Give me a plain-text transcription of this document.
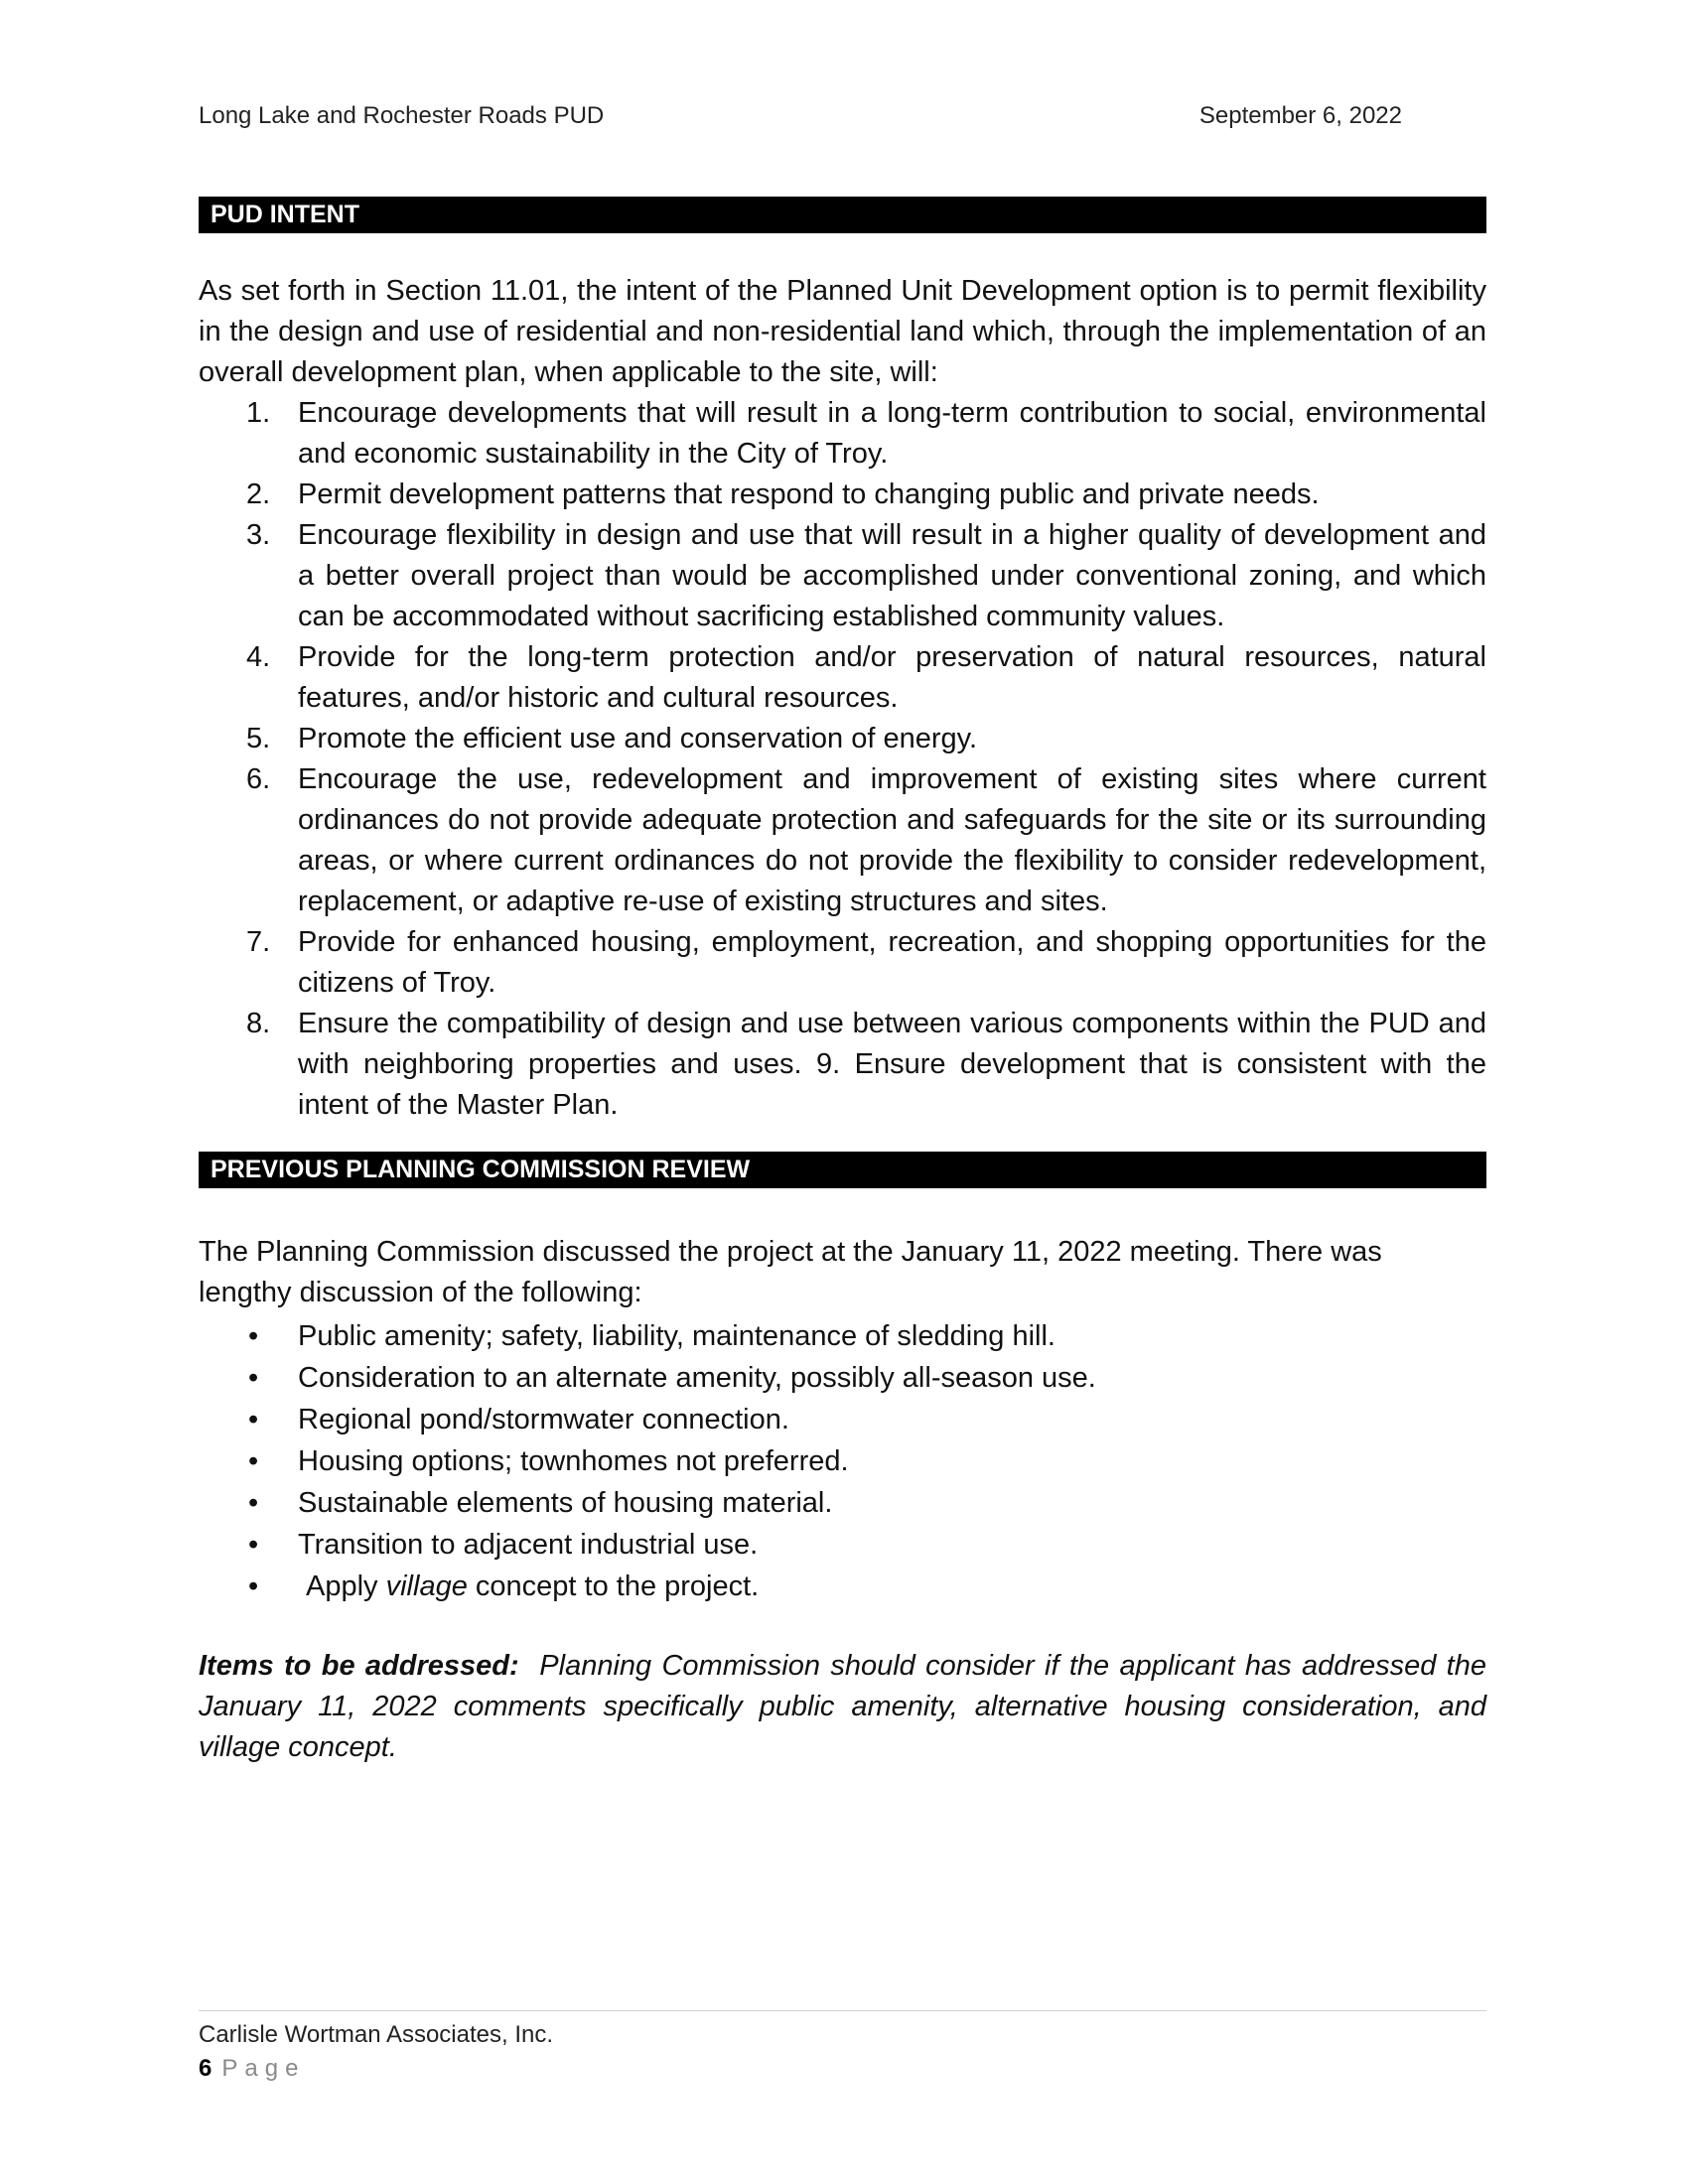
Long Lake and Rochester Roads PUD	September 6, 2022
PUD INTENT
As set forth in Section 11.01, the intent of the Planned Unit Development option is to permit flexibility in the design and use of residential and non-residential land which, through the implementation of an overall development plan, when applicable to the site, will:
1. Encourage developments that will result in a long-term contribution to social, environmental and economic sustainability in the City of Troy.
2. Permit development patterns that respond to changing public and private needs.
3. Encourage flexibility in design and use that will result in a higher quality of development and a better overall project than would be accomplished under conventional zoning, and which can be accommodated without sacrificing established community values.
4. Provide for the long-term protection and/or preservation of natural resources, natural features, and/or historic and cultural resources.
5. Promote the efficient use and conservation of energy.
6. Encourage the use, redevelopment and improvement of existing sites where current ordinances do not provide adequate protection and safeguards for the site or its surrounding areas, or where current ordinances do not provide the flexibility to consider redevelopment, replacement, or adaptive re-use of existing structures and sites.
7. Provide for enhanced housing, employment, recreation, and shopping opportunities for the citizens of Troy.
8. Ensure the compatibility of design and use between various components within the PUD and with neighboring properties and uses. 9. Ensure development that is consistent with the intent of the Master Plan.
PREVIOUS PLANNING COMMISSION REVIEW
The Planning Commission discussed the project at the January 11, 2022 meeting. There was lengthy discussion of the following:
• Public amenity; safety, liability, maintenance of sledding hill.
• Consideration to an alternate amenity, possibly all-season use.
• Regional pond/stormwater connection.
• Housing options; townhomes not preferred.
• Sustainable elements of housing material.
• Transition to adjacent industrial use.
• Apply village concept to the project.
Items to be addressed: Planning Commission should consider if the applicant has addressed the January 11, 2022 comments specifically public amenity, alternative housing consideration, and village concept.
Carlisle Wortman Associates, Inc.
6 Page
